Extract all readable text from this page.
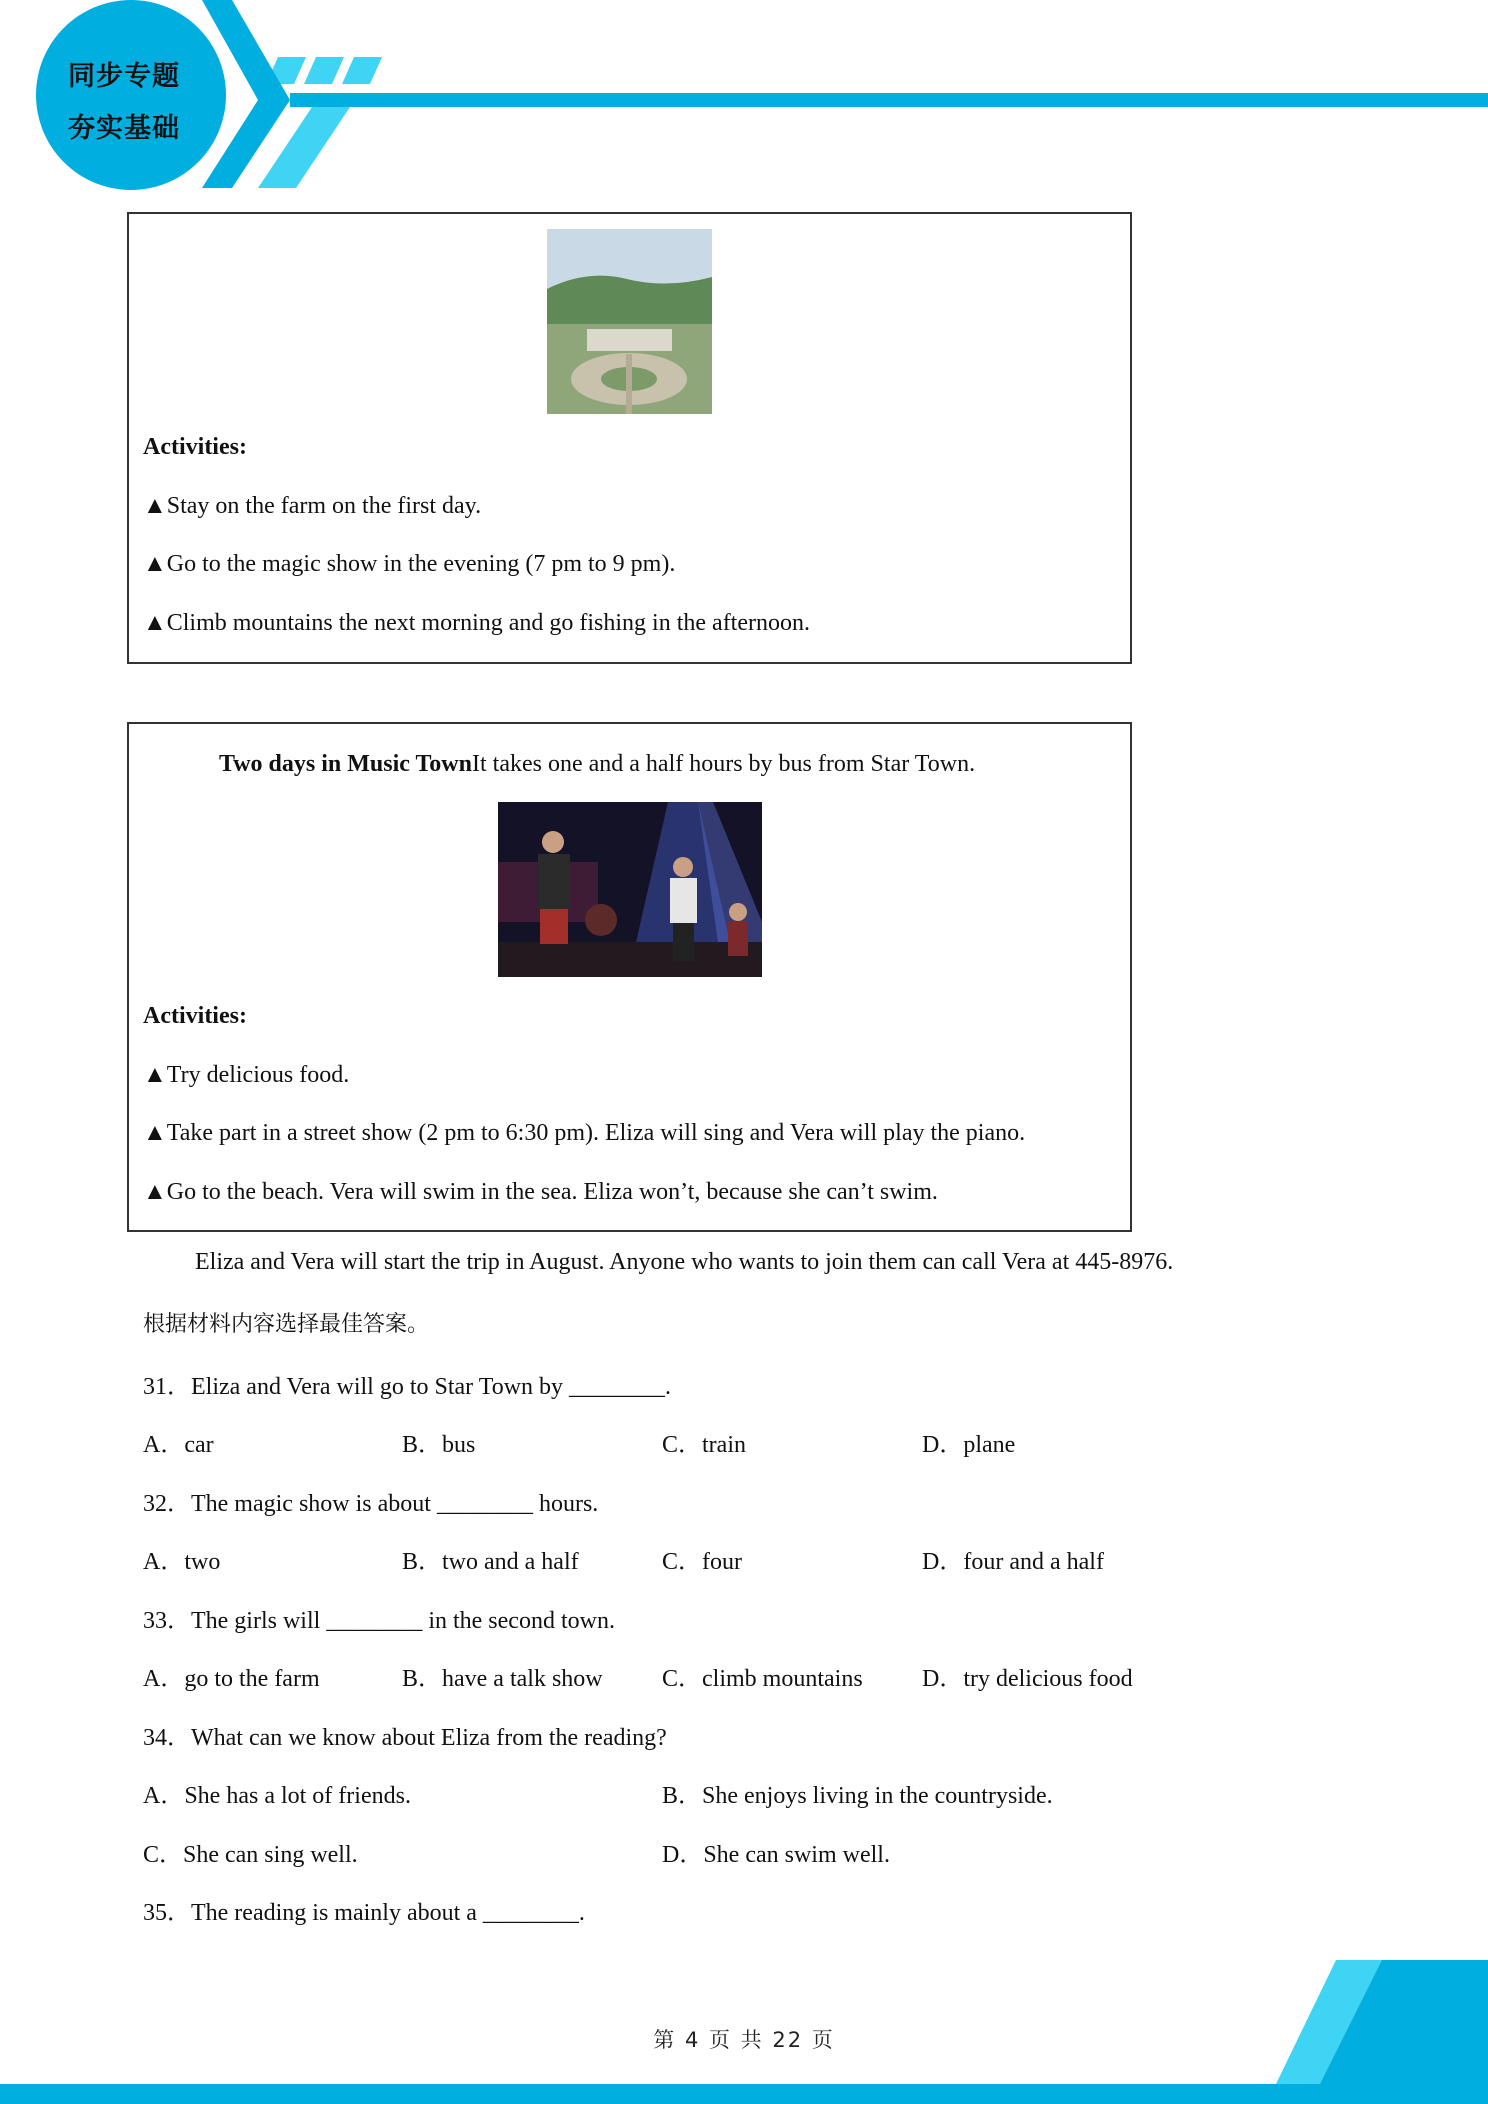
同步专题
夯实基础
Activities:
▲Stay on the farm on the first day.
▲Go to the magic show in the evening (7 pm to 9 pm).
▲Climb mountains the next morning and go fishing in the afternoon.
Two days in Music TownIt takes one and a half hours by bus from Star Town.
Activities:
▲Try delicious food.
▲Take part in a street show (2 pm to 6:30 pm). Eliza will sing and Vera will play the piano.
▲Go to the beach. Vera will swim in the sea. Eliza won’t, because she can’t swim.
Eliza and Vera will start the trip in August. Anyone who wants to join them can call Vera at 445-8976.
根据材料内容选择最佳答案。
31．Eliza and Vera will go to Star Town by ________.
A．car	B．bus	C．train	D．plane
32．The magic show is about ________ hours.
A．two	B．two and a half	C．four	D．four and a half
33．The girls will ________ in the second town.
A．go to the farm	B．have a talk show C．climb mountains D．try delicious food
34．What can we know about Eliza from the reading?
A．She has a lot of friends.	B．She enjoys living in the countryside.
C．She can sing well.	D．She can swim well.
35．The reading is mainly about a ________.
第 4 页 共 22 页
